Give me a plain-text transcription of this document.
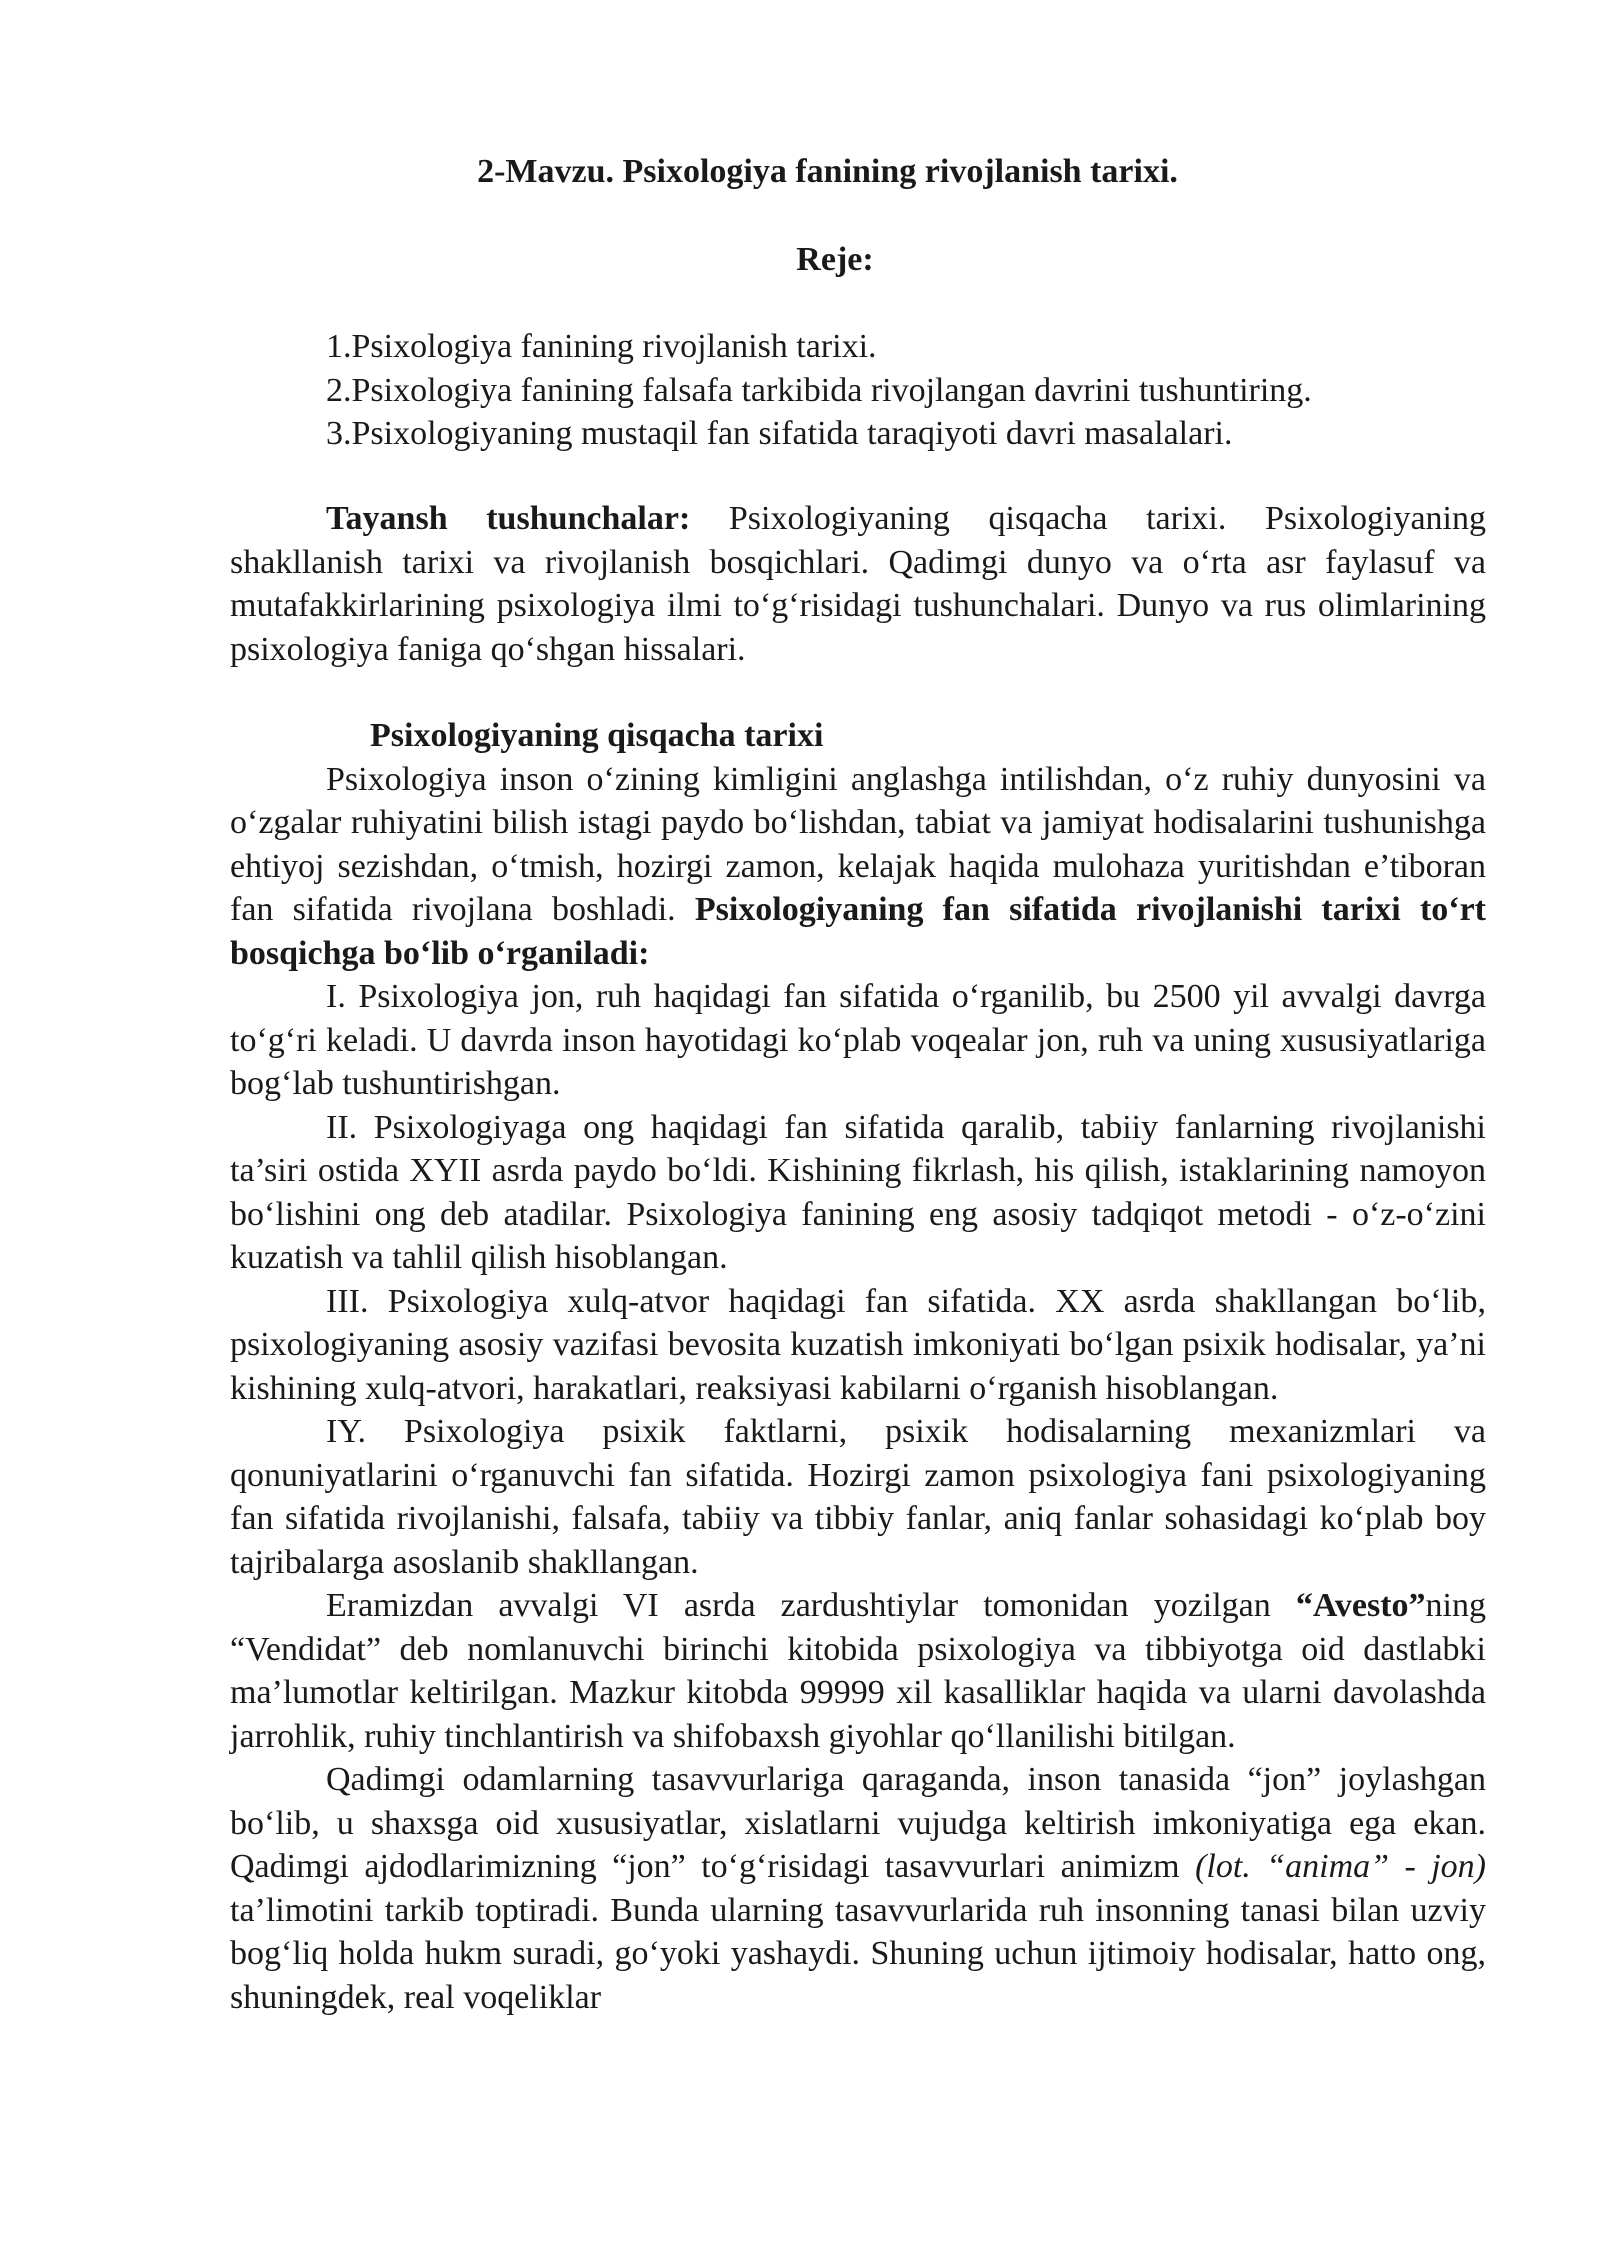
2-Mavzu. Psixologiya fanining rivojlanish tarixi.
Reje:
1.Psixologiya fanining rivojlanish tarixi.
2.Psixologiya fanining falsafa tarkibida rivojlangan davrini tushuntiring.
3.Psixologiyaning mustaqil fan sifatida taraqiyoti davri masalalari.

Tayansh tushunchalar: Psixologiyaning qisqacha tarixi. Psixologiyaning shakllanish tarixi va rivojlanish bosqichlari. Qadimgi dunyo va o‘rta asr faylasuf va mutafakkirlarining psixologiya ilmi to‘g‘risidagi tushunchalari. Dunyo va rus olimlarining psixologiya faniga qo‘shgan hissalari.

Psixologiyaning qisqacha tarixi

Psixologiya inson o‘zining kimligini anglashga intilishdan, o‘z ruhiy dunyosini va o‘zgalar ruhiyatini bilish istagi paydo bo‘lishdan, tabiat va jamiyat hodisalarini tushunishga ehtiyoj sezishdan, o‘tmish, hozirgi zamon, kelajak haqida mulohaza yuritishdan e’tiboran fan sifatida rivojlana boshladi. Psixologiyaning fan sifatida rivojlanishi tarixi to‘rt bosqichga bo‘lib o‘rganiladi:

I. Psixologiya jon, ruh haqidagi fan sifatida o‘rganilib, bu 2500 yil avvalgi davrga to‘g‘ri keladi. U davrda inson hayotidagi ko‘plab voqealar jon, ruh va uning xususiyatlariga bog‘lab tushuntirishgan.

II. Psixologiyaga ong haqidagi fan sifatida qaralib, tabiiy fanlarning rivojlanishi ta’siri ostida XYII asrda paydo bo‘ldi. Kishining fikrlash, his qilish, istaklarining namoyon bo‘lishini ong deb atadilar. Psixologiya fanining eng asosiy tadqiqot metodi - o‘z-o‘zini kuzatish va tahlil qilish hisoblangan.

III. Psixologiya xulq-atvor haqidagi fan sifatida. XX asrda shakllangan bo‘lib, psixologiyaning asosiy vazifasi bevosita kuzatish imkoniyati bo‘lgan psixik hodisalar, ya’ni kishining xulq-atvori, harakatlari, reaksiyasi kabilarni o‘rganish hisoblangan.

IY. Psixologiya psixik faktlarni, psixik hodisalarning mexanizmlari va qonuniyatlarini o‘rganuvchi fan sifatida. Hozirgi zamon psixologiya fani psixologiyaning fan sifatida rivojlanishi, falsafa, tabiiy va tibbiy fanlar, aniq fanlar sohasidagi ko‘plab boy tajribalarga asoslanib shakllangan.

Eramizdan avvalgi VI asrda zardushtiylar tomonidan yozilgan “Avesto”ning “Vendidat” deb nomlanuvchi birinchi kitobida psixologiya va tibbiyotga oid dastlabki ma’lumotlar keltirilgan. Mazkur kitobda 99999 xil kasalliklar haqida va ularni davolashda jarrohlik, ruhiy tinchlantirish va shifobaxsh giyohlar qo‘llanilishi bitilgan.

Qadimgi odamlarning tasavvurlariga qaraganda, inson tanasida “jon” joylashgan bo‘lib, u shaxsga oid xususiyatlar, xislatlarni vujudga keltirish imkoniyatiga ega ekan. Qadimgi ajdodlarimizning “jon” to‘g‘risidagi tasavvurlari animizm (lot. “anima” - jon) ta’limotini tarkib toptiradi. Bunda ularning tasavvurlarida ruh insonning tanasi bilan uzviy bog‘liq holda hukm suradi, go‘yoki yashaydi. Shuning uchun ijtimoiy hodisalar, hatto ong, shuningdek, real voqeliklar
